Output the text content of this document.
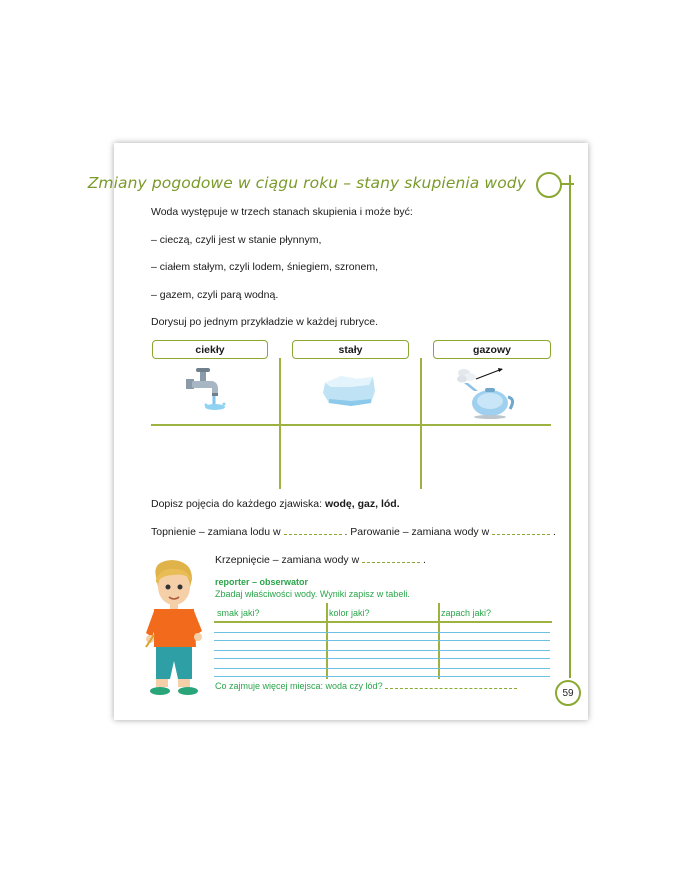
Zmiany pogodowe w ciągu roku – stany skupienia wody
Woda występuje w trzech stanach skupienia i może być:
– cieczą, czyli jest w stanie płynnym,
– ciałem stałym, czyli lodem, śniegiem, szronem,
– gazem, czyli parą wodną.
Dorysuj po jednym przykładzie w każdej rubryce.
ciekły	stały	gazowy
Dopisz pojęcia do każdego zjawiska: wodę, gaz, lód.
Topnienie – zamiana lodu w	. Parowanie – zamiana wody w	.
Krzepnięcie – zamiana wody w	.
reporter – obserwator
Zbadaj właściwości wody. Wyniki zapisz w tabeli.
smak jaki?	kolor jaki?	zapach jaki?
Co zajmuje więcej miejsca: woda czy lód?
59
